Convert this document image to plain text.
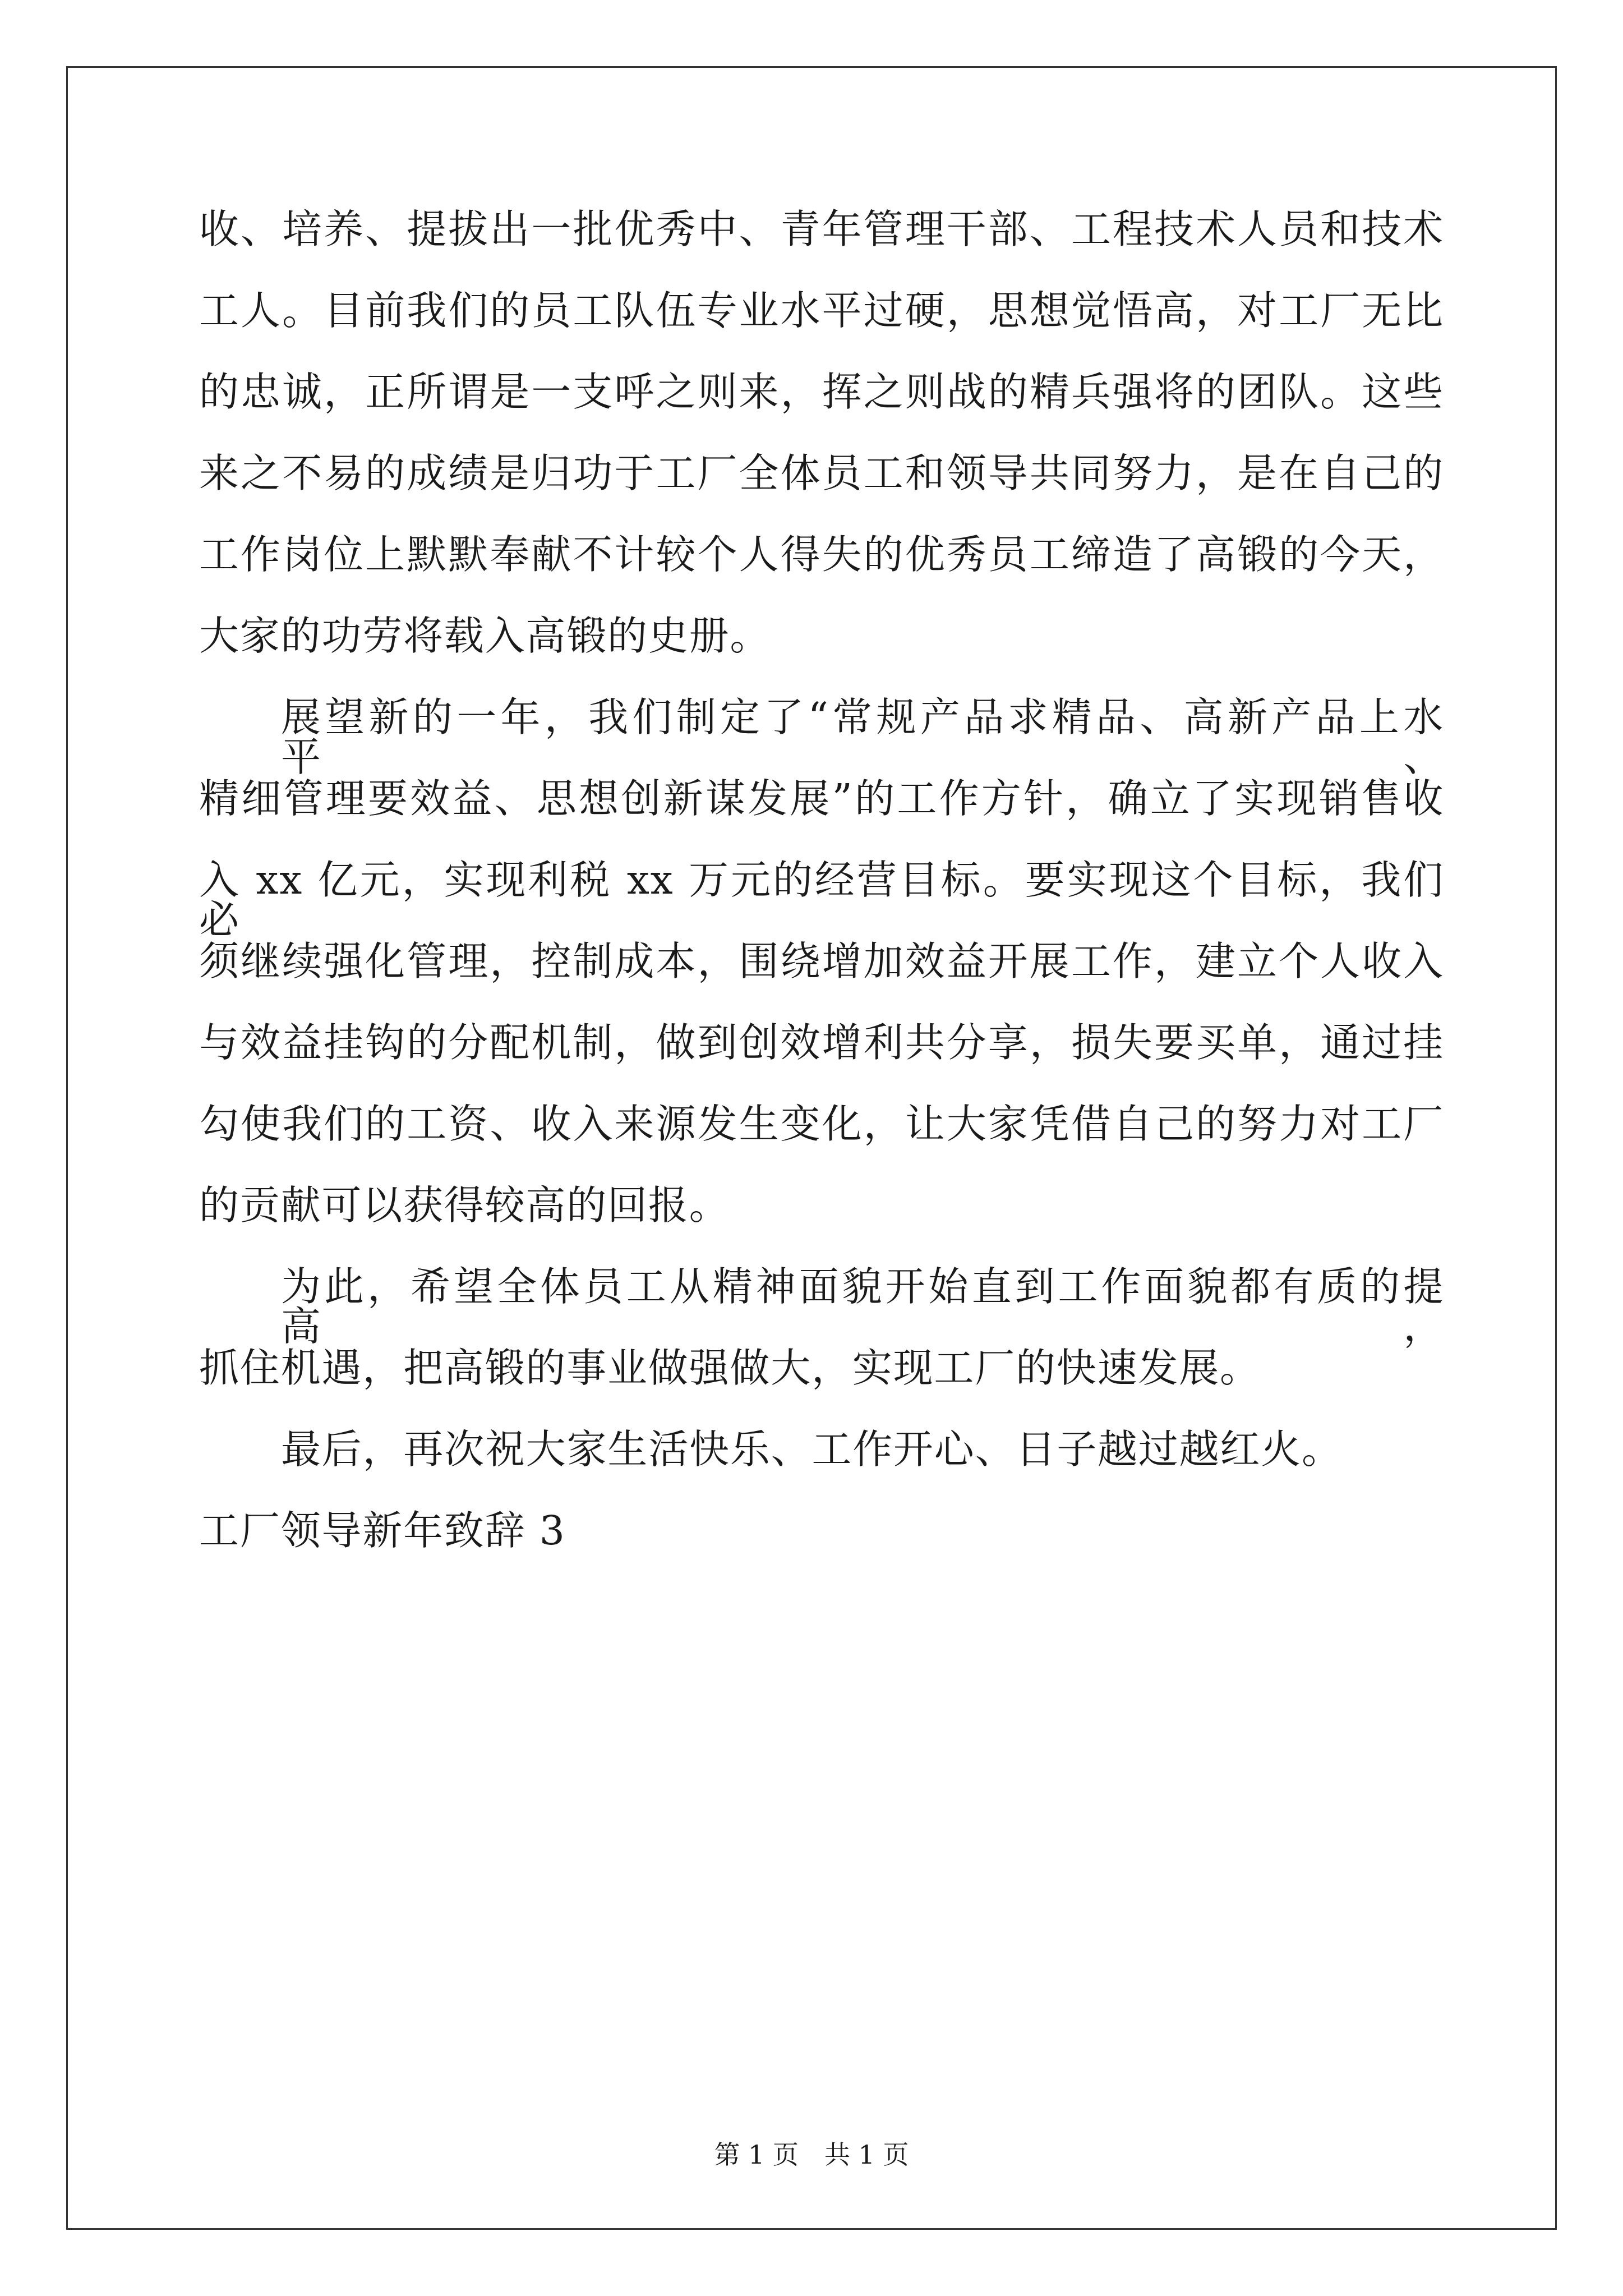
收、培养、提拔出一批优秀中、青年管理干部、工程技术人员和技术
工人。目前我们的员工队伍专业水平过硬，思想觉悟高，对工厂无比
的忠诚，正所谓是一支呼之则来，挥之则战的精兵强将的团队。这些
来之不易的成绩是归功于工厂全体员工和领导共同努力，是在自己的
工作岗位上默默奉献不计较个人得失的优秀员工缔造了高锻的今天，
大家的功劳将载入高锻的史册。
展望新的一年，我们制定了“常规产品求精品、高新产品上水平、
精细管理要效益、思想创新谋发展”的工作方针，确立了实现销售收
入 xx 亿元，实现利税 xx 万元的经营目标。要实现这个目标，我们必
须继续强化管理，控制成本，围绕增加效益开展工作，建立个人收入
与效益挂钩的分配机制，做到创效增利共分享，损失要买单，通过挂
勾使我们的工资、收入来源发生变化，让大家凭借自己的努力对工厂
的贡献可以获得较高的回报。
为此，希望全体员工从精神面貌开始直到工作面貌都有质的提高，
抓住机遇，把高锻的事业做强做大，实现工厂的快速发展。
最后，再次祝大家生活快乐、工作开心、日子越过越红火。
工厂领导新年致辞 3
第 1 页　共 1 页
